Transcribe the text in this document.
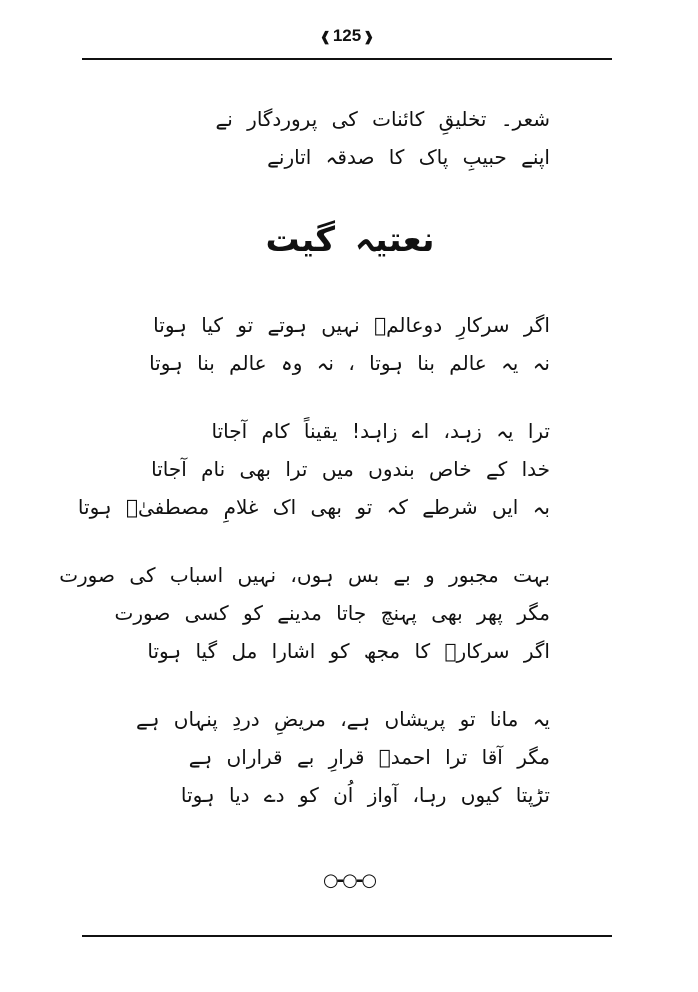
❰ 125 ❱
شعر۔ تخلیقِ کائنات کی پروردگار نے
اپنے حبیبِ پاک کا صدقہ اتارنے
نعتیہ گیت
اگر سرکارِ دوعالمؐ نہیں ہوتے تو کیا ہوتا
نہ یہ عالم بنا ہوتا ، نہ وہ عالم بنا ہوتا
ترا یہ زہد، اے زاہد! یقیناً کام آجاتا
خدا کے خاص بندوں میں ترا بھی نام آجاتا
بہ ایں شرطے کہ تو بھی اک غلامِ مصطفیٰؐ ہوتا
بہت مجبور و بے بس ہوں، نہیں اسباب کی صورت
مگر پھر بھی پہنچ جاتا مدینے کو کسی صورت
اگر سرکارؐ کا مجھ کو اشارا مل گیا ہوتا
یہ مانا تو پریشاں ہے، مریضِ دردِ پنہاں ہے
مگر آقا ترا احمدؔ قرارِ بے قراراں ہے
تڑپتا کیوں رہا، آواز اُن کو دے دیا ہوتا
○-○-○
